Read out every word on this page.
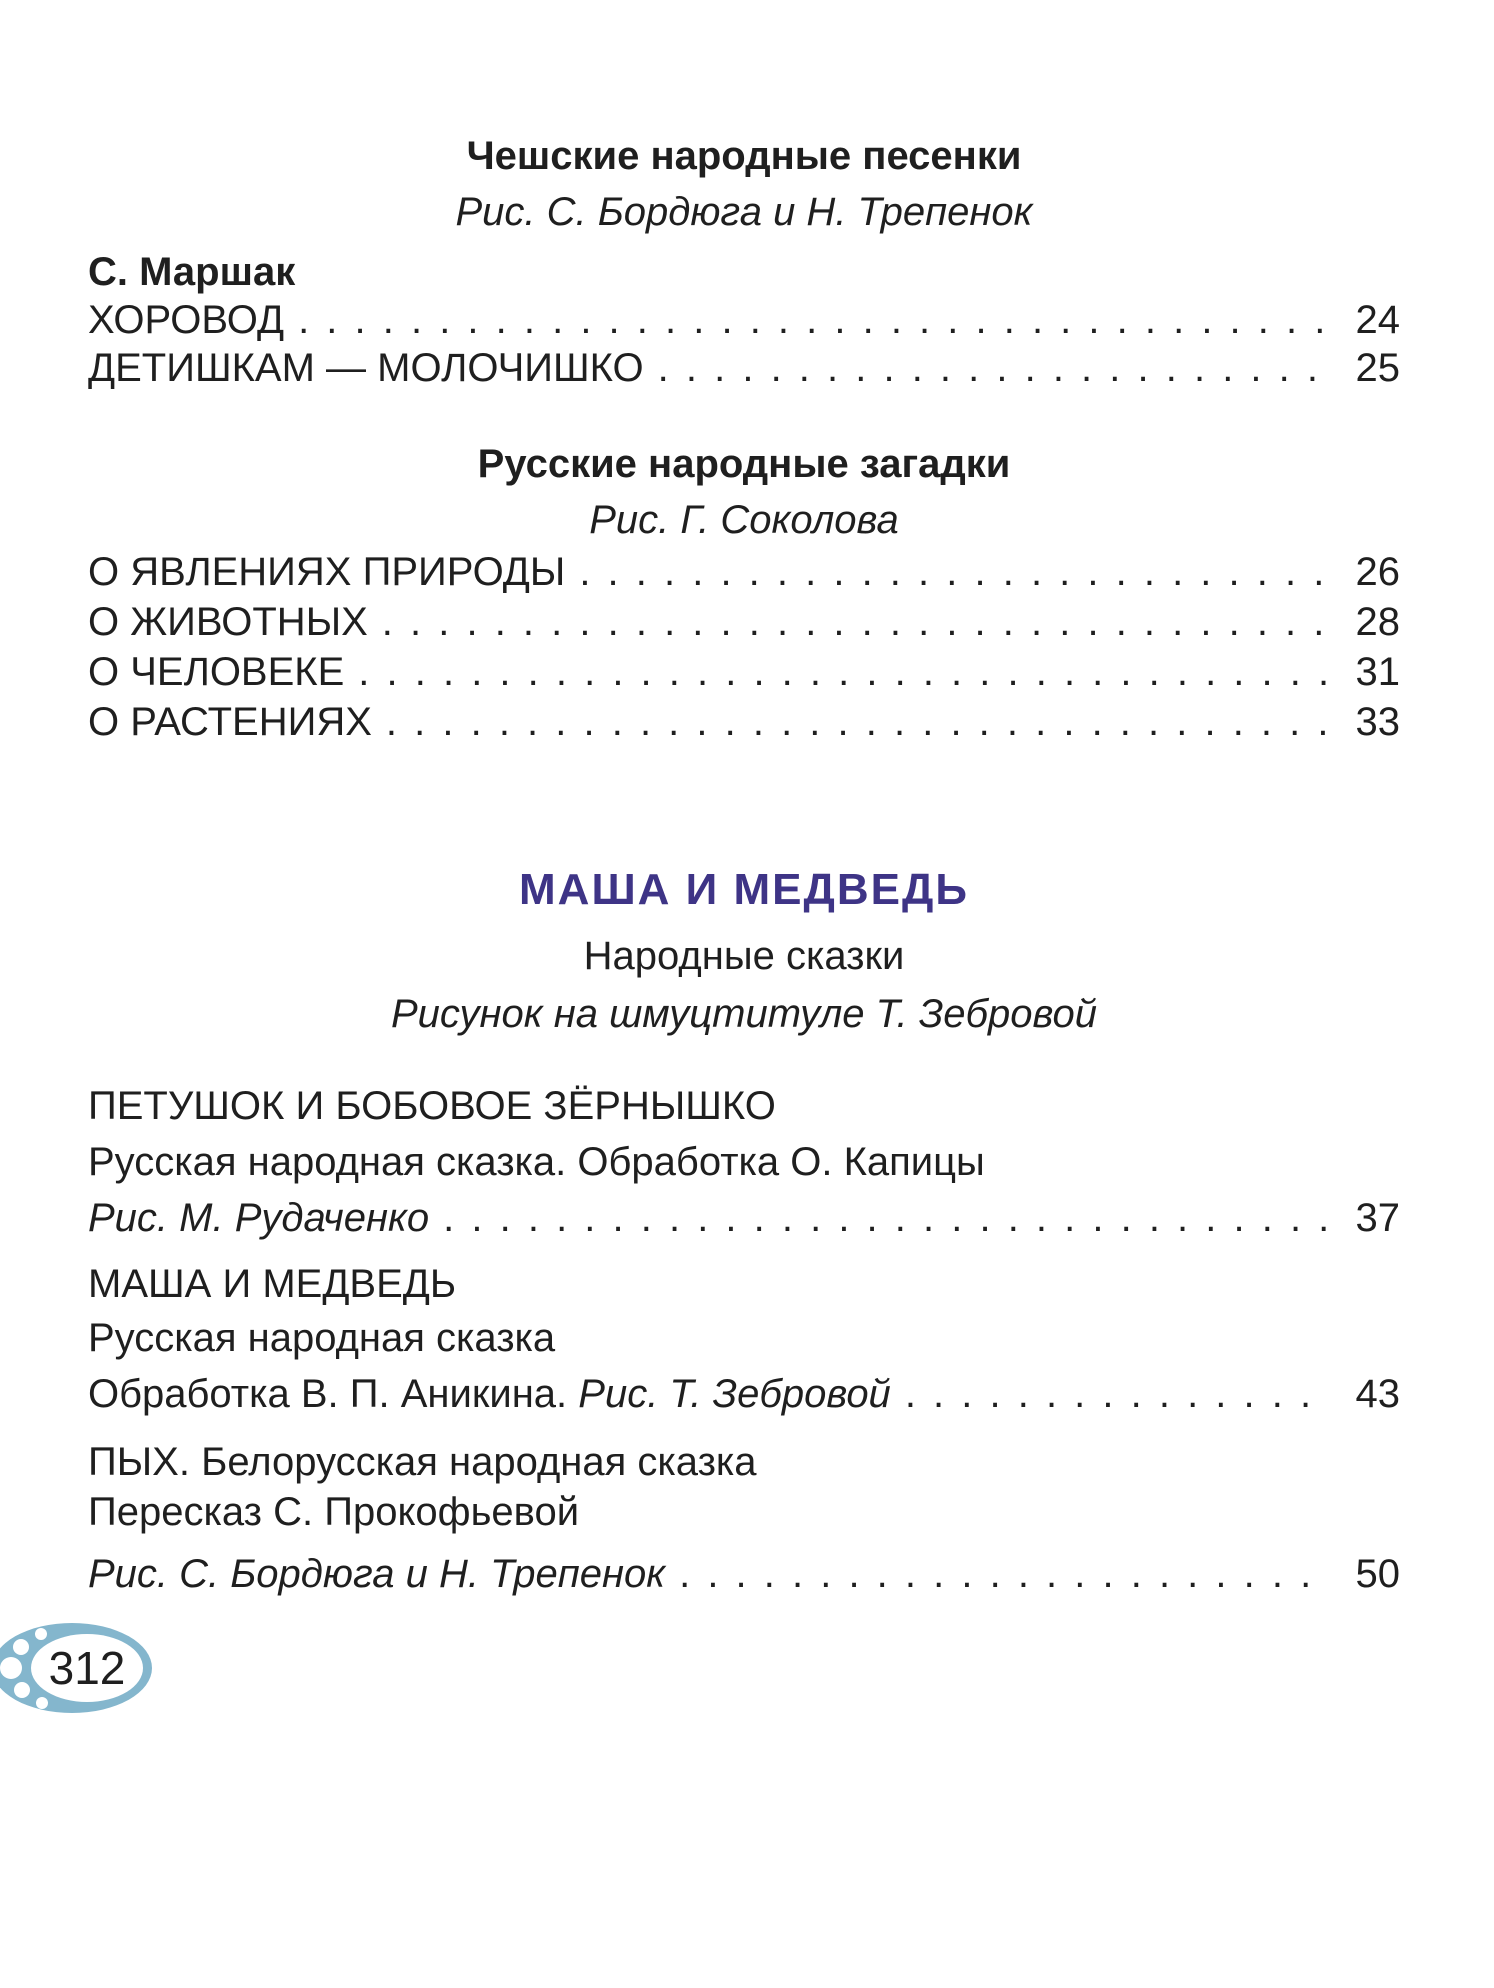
Чешские народные песенки
Рис. С. Бордюга и Н. Трепенок
С. Маршак
ХОРОВОД . . .	24
ДЕТИШКАМ — МОЛОЧИШКО . . .	25
Русские народные загадки
Рис. Г. Соколова
О ЯВЛЕНИЯХ ПРИРОДЫ . . .	26
О ЖИВОТНЫХ . . .	28
О ЧЕЛОВЕКЕ . . .	31
О РАСТЕНИЯХ . . .	33
МАША И МЕДВЕДЬ
Народные сказки
Рисунок на шмуцтитуле Т. Зебровой
ПЕТУШОК И БОБОВОЕ ЗЁРНЫШКО
Русская народная сказка. Обработка О. Капицы
Рис. М. Рудаченко . . .	37
МАША И МЕДВЕДЬ
Русская народная сказка
Обработка В. П. Аникина. Рис. Т. Зебровой . . .	43
ПЫХ. Белорусская народная сказка
Пересказ С. Прокофьевой
Рис. С. Бордюга и Н. Трепенок . . .	50
312
